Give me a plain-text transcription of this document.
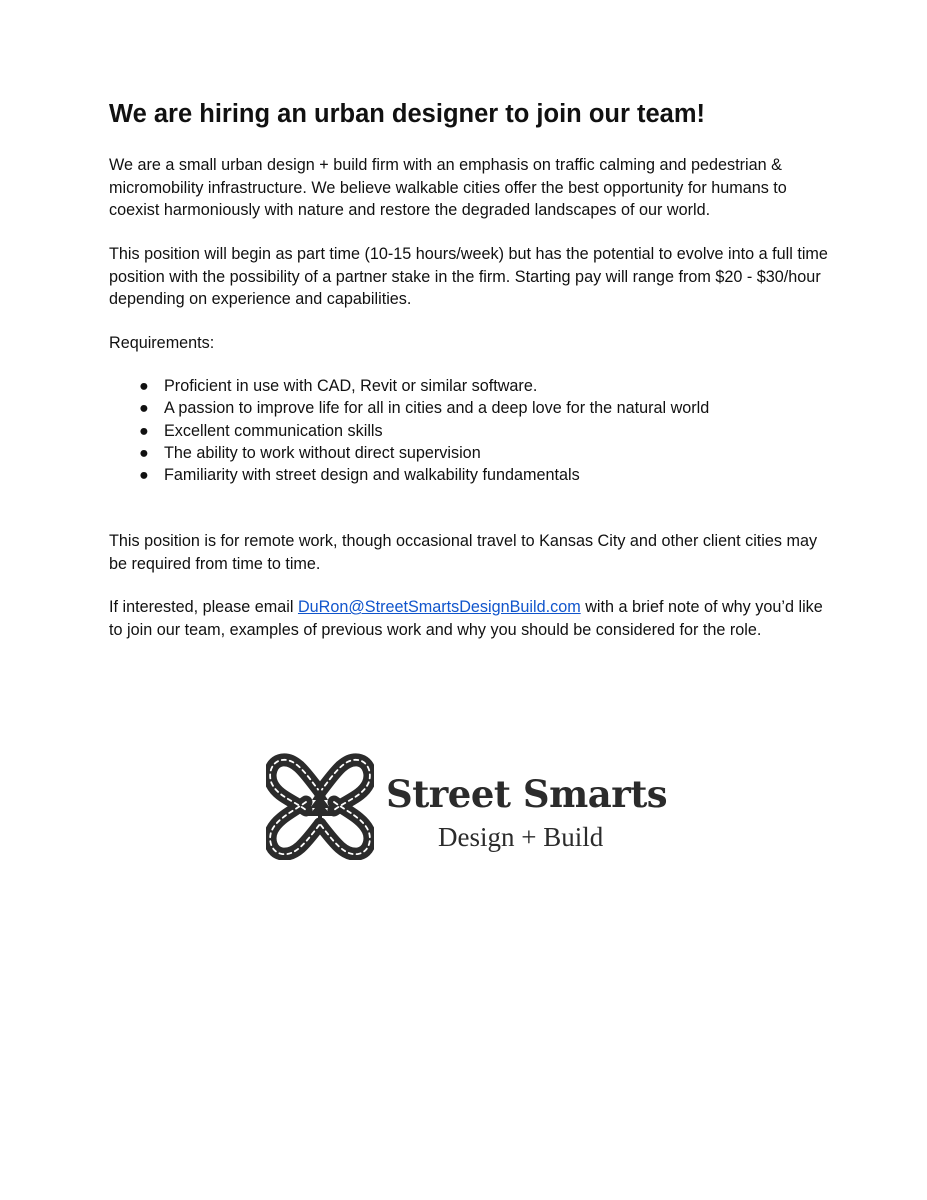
We are hiring an urban designer to join our team!

We are a small urban design + build firm with an emphasis on traffic calming and pedestrian & micromobility infrastructure. We believe walkable cities offer the best opportunity for humans to coexist harmoniously with nature and restore the degraded landscapes of our world.

This position will begin as part time (10-15 hours/week) but has the potential to evolve into a full time position with the possibility of a partner stake in the firm. Starting pay will range from $20 - $30/hour depending on experience and capabilities.

Requirements:

● Proficient in use with CAD, Revit or similar software.
● A passion to improve life for all in cities and a deep love for the natural world
● Excellent communication skills
● The ability to work without direct supervision
● Familiarity with street design and walkability fundamentals

This position is for remote work, though occasional travel to Kansas City and other client cities may be required from time to time.

If interested, please email DuRon@StreetSmartsDesignBuild.com with a brief note of why you’d like to join our team, examples of previous work and why you should be considered for the role.

Street Smarts
Design + Build
